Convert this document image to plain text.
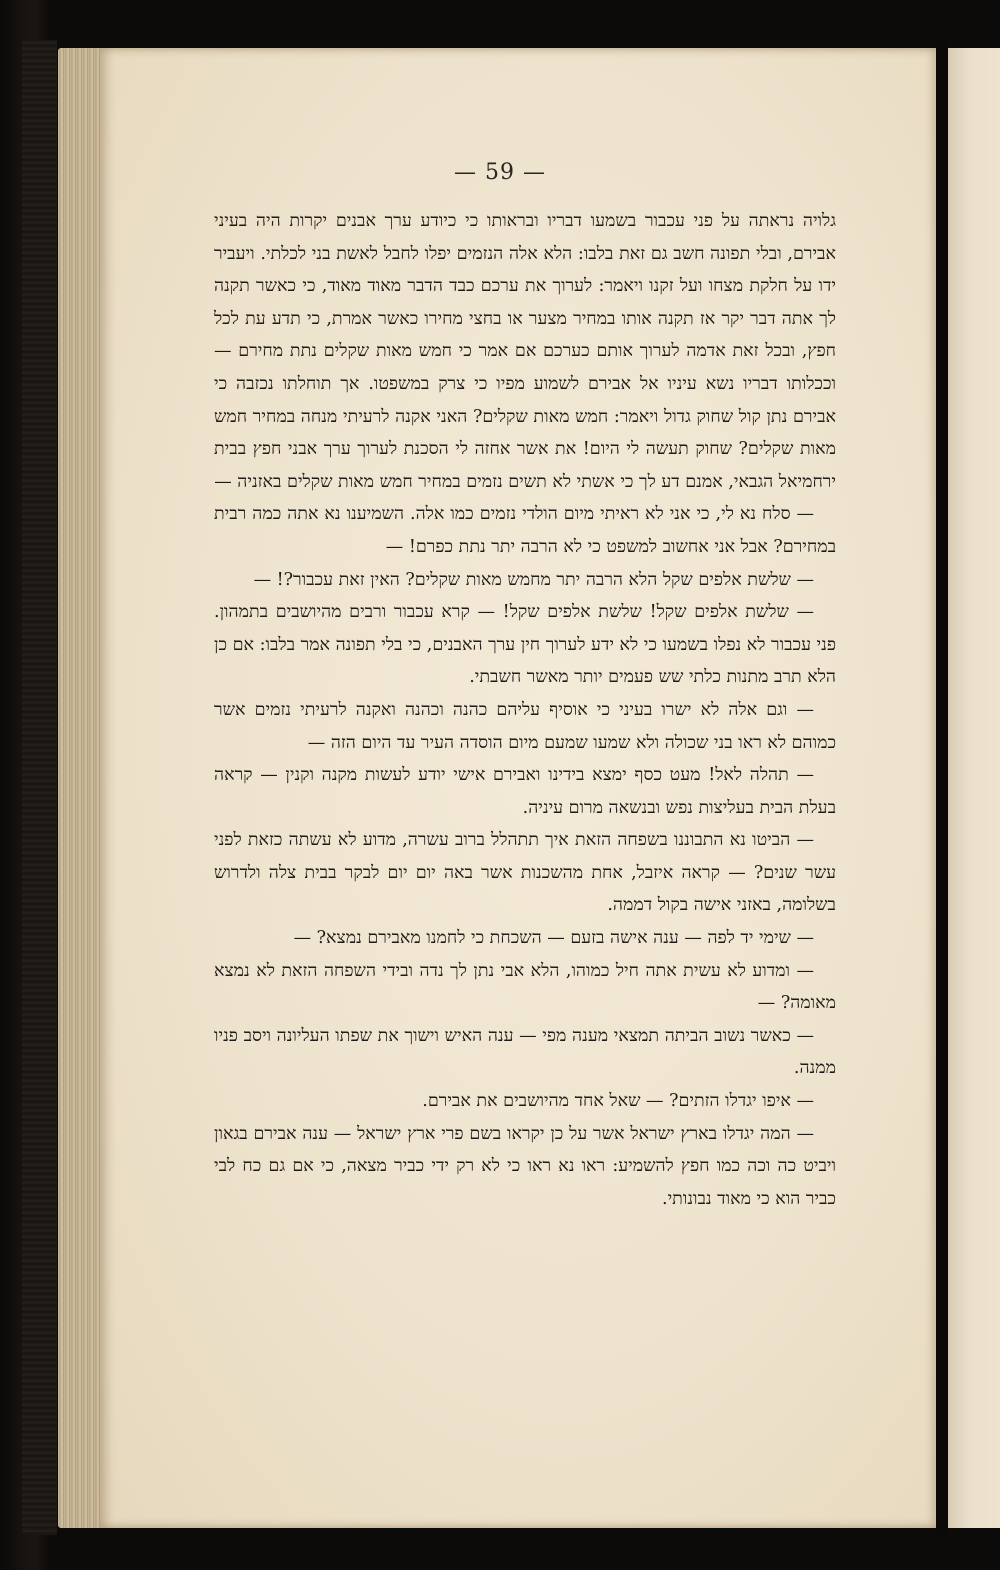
— 59 —

גלויה נראתה על פני עכבור בשמעו דבריו ובראותו כי כיודע ערך אבנים יקרות היה בעיני אבירם, ובלי תפונה חשב גם זאת בלבו: הלא אלה הנזמים יפלו לחבל לאשת בני לכלתי. ויעביר ידו על חלקת מצחו ועל זקנו ויאמר: לערוך את ערכם כבד הדבר מאוד מאוד, כי כאשר תקנה לך אתה דבר יקר אז תקנה אותו במחיר מצער או בחצי מחירו כאשר אמרת, כי תדע עת לכל חפץ, ובכל זאת אדמה לערוך אותם כערכם אם אמר כי חמש מאות שקלים נתת מחירם — וככלותו דבריו נשא עיניו אל אבירם לשמוע מפיו כי צרק במשפטו. אך תוחלתו נכזבה כי אבירם נתן קול שחוק גדול ויאמר: חמש מאות שקלים? האני אקנה לרעיתי מנחה במחיר חמש מאות שקלים? שחוק תעשה לי היום! את אשר אחזה לי הסכנת לערוך ערך אבני חפץ בבית ירחמיאל הגבאי, אמנם דע לך כי אשתי לא תשים נזמים במחיר חמש מאות שקלים באזניה —

— סלח נא לי, כי אני לא ראיתי מיום הולדי נזמים כמו אלה. השמיענו נא אתה כמה רבית במחירם? אבל אני אחשוב למשפט כי לא הרבה יתר נתת כפרם! —

— שלשת אלפים שקל הלא הרבה יתר מחמש מאות שקלים? האין זאת עכבור?! —

— שלשת אלפים שקל! שלשת אלפים שקל! — קרא עכבור ורבים מהיושבים בתמהון. פני עכבור לא נפלו בשמעו כי לא ידע לערוך חין ערך האבנים, כי בלי תפונה אמר בלבו: אם כן הלא תרב מתנות כלתי שש פעמים יותר מאשר חשבתי.

— וגם אלה לא ישרו בעיני כי אוסיף עליהם כהנה וכהנה ואקנה לרעיתי נזמים אשר כמוהם לא ראו בני שכולה ולא שמעו שמעם מיום הוסדה העיר עד היום הזה —

— תהלה לאל! מעט כסף ימצא בידינו ואבירם אישי יודע לעשות מקנה וקנין — קראה בעלת הבית בעליצות נפש ובנשאה מרום עיניה.

— הביטו נא התבוננו בשפחה הזאת איך תתהלל ברוב עשרה, מדוע לא עשתה כזאת לפני עשר שנים? — קראה איזבל, אחת מהשכנות אשר באה יום יום לבקר בבית צלה ולדרוש בשלומה, באזני אישה בקול דממה.

— שימי יד לפה — ענה אישה בזעם — השכחת כי לחמנו מאבירם נמצא? —

— ומדוע לא עשית אתה חיל כמוהו, הלא אבי נתן לך נדה ובידי השפחה הזאת לא נמצא מאומה? —

— כאשר נשוב הביתה תמצאי מענה מפי — ענה האיש וישוך את שפתו העליונה ויסב פניו ממנה.

— איפו יגדלו הזתים? — שאל אחד מהיושבים את אבירם.

— המה יגדלו בארץ ישראל אשר על כן יקראו בשם פרי ארץ ישראל — ענה אבירם בגאון ויביט כה וכה כמו חפץ להשמיע: ראו נא ראו כי לא רק ידי כביר מצאה, כי אם גם כח לבי כביר הוא כי מאוד נבונותי.
